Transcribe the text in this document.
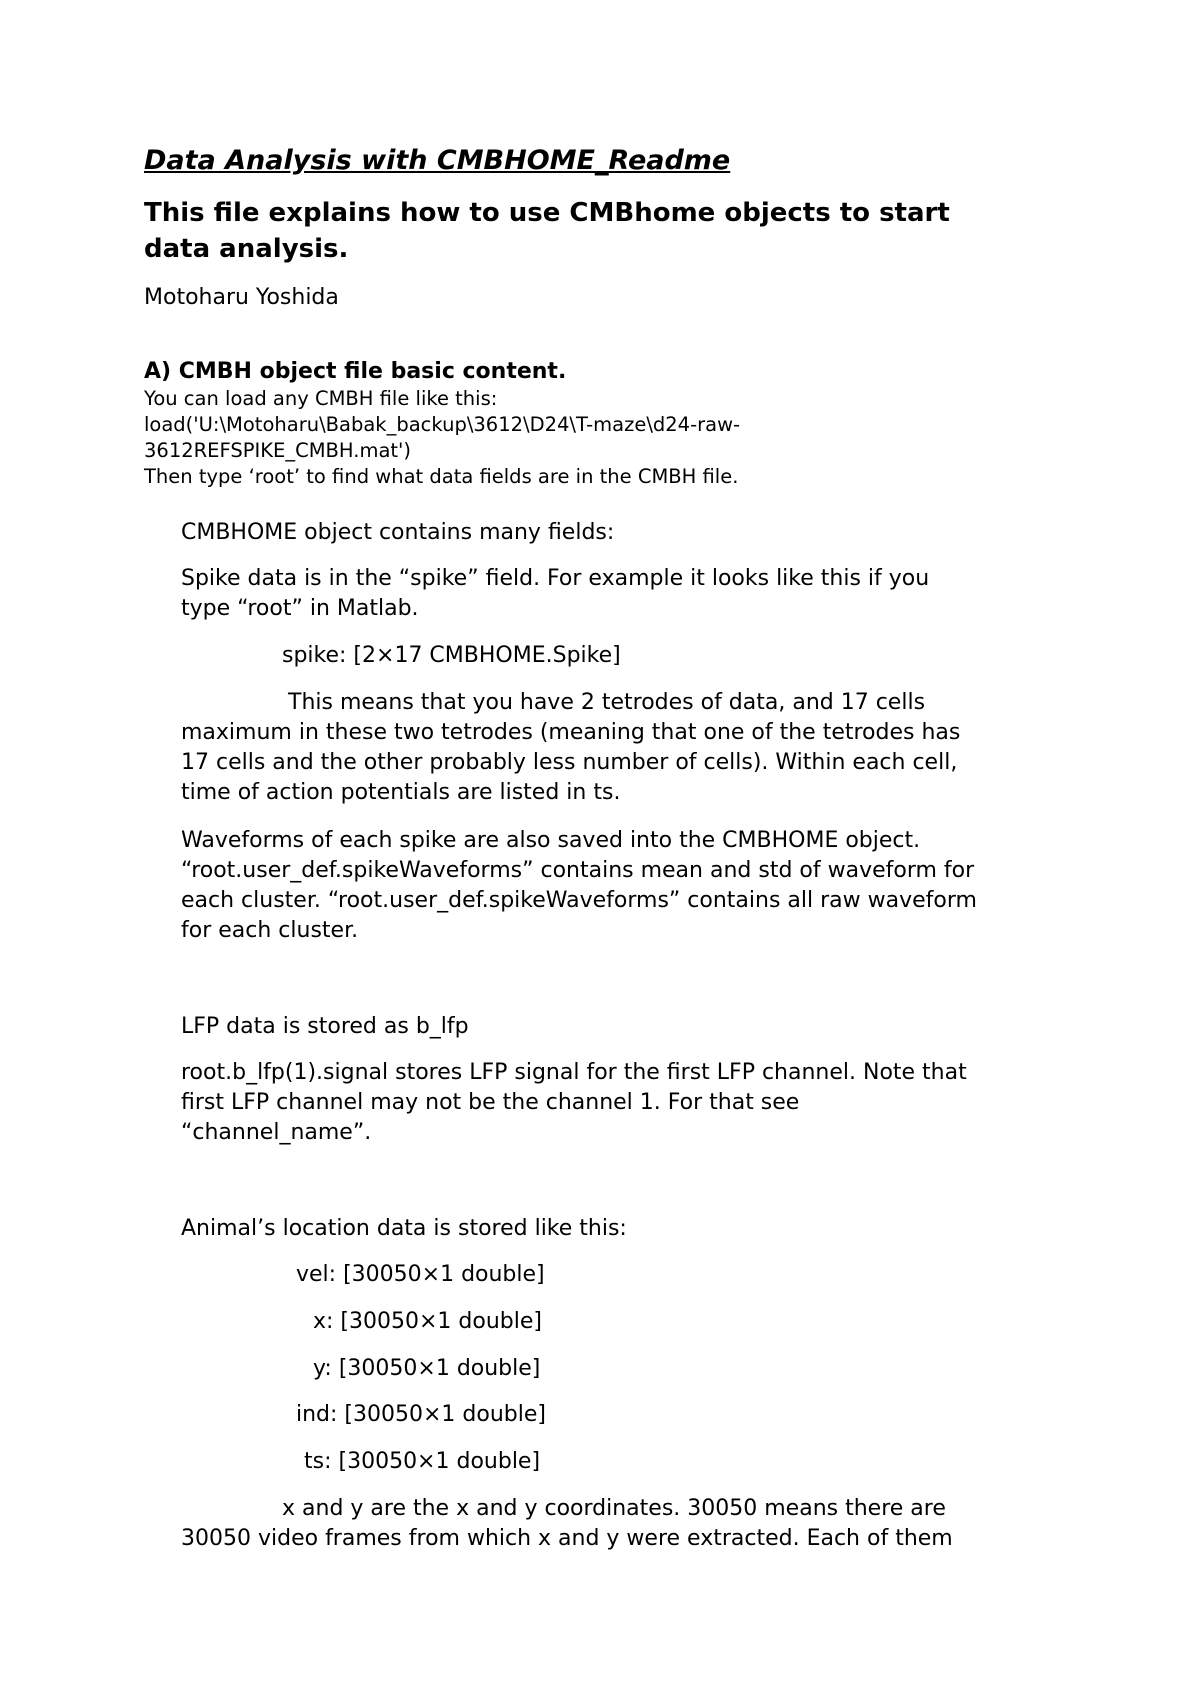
Data Analysis with CMBHOME_Readme

This file explains how to use CMBhome objects to start

data analysis.

Motoharu Yoshida

A) CMBH object file basic content.

You can load any CMBH file like this:

load('U:\Motoharu\Babak_backup\3612\D24\T-maze\d24-raw-

3612REFSPIKE_CMBH.mat')

Then type ‘root’ to find what data fields are in the CMBH file.

CMBHOME object contains many fields:

Spike data is in the “spike” field. For example it looks like this if you

type “root” in Matlab.

spike: [2×17 CMBHOME.Spike]

This means that you have 2 tetrodes of data, and 17 cells

maximum in these two tetrodes (meaning that one of the tetrodes has

17 cells and the other probably less number of cells). Within each cell,

time of action potentials are listed in ts.

Waveforms of each spike are also saved into the CMBHOME object.

“root.user_def.spikeWaveforms” contains mean and std of waveform for

each cluster. “root.user_def.spikeWaveforms” contains all raw waveform

for each cluster.

LFP data is stored as b_lfp

root.b_lfp(1).signal stores LFP signal for the first LFP channel. Note that

first LFP channel may not be the channel 1. For that see

“channel_name”.

Animal’s location data is stored like this:

vel: [30050×1 double]

x: [30050×1 double]

y: [30050×1 double]

ind: [30050×1 double]

ts: [30050×1 double]

x and y are the x and y coordinates. 30050 means there are

30050 video frames from which x and y were extracted. Each of them
